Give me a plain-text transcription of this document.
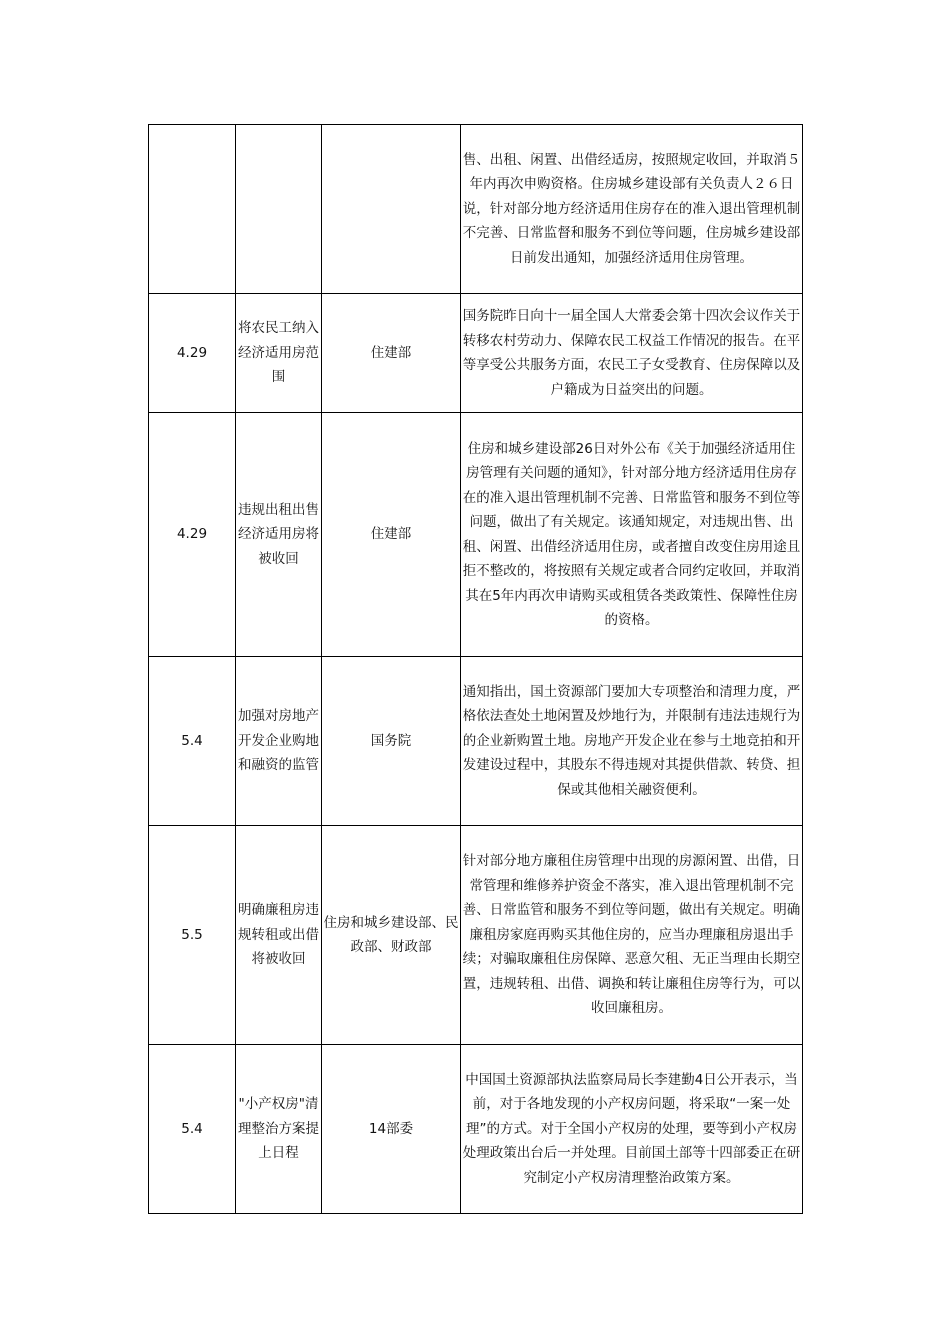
			售、出租、闲置、出借经适房，按照规定收回，并取消５年内再次申购资格。住房城乡建设部有关负责人２６日说，针对部分地方经济适用住房存在的准入退出管理机制不完善、日常监督和服务不到位等问题，住房城乡建设部日前发出通知，加强经济适用住房管理。
4.29	将农民工纳入经济适用房范围	住建部	国务院昨日向十一届全国人大常委会第十四次会议作关于转移农村劳动力、保障农民工权益工作情况的报告。在平等享受公共服务方面，农民工子女受教育、住房保障以及户籍成为日益突出的问题。
4.29	违规出租出售经济适用房将被收回	住建部	住房和城乡建设部26日对外公布《关于加强经济适用住房管理有关问题的通知》，针对部分地方经济适用住房存在的准入退出管理机制不完善、日常监管和服务不到位等问题，做出了有关规定。该通知规定，对违规出售、出租、闲置、出借经济适用住房，或者擅自改变住房用途且拒不整改的，将按照有关规定或者合同约定收回，并取消其在5年内再次申请购买或租赁各类政策性、保障性住房的资格。
5.4	加强对房地产开发企业购地和融资的监管	国务院	通知指出，国土资源部门要加大专项整治和清理力度，严格依法查处土地闲置及炒地行为，并限制有违法违规行为的企业新购置土地。房地产开发企业在参与土地竞拍和开发建设过程中，其股东不得违规对其提供借款、转贷、担保或其他相关融资便利。
5.5	明确廉租房违规转租或出借将被收回	住房和城乡建设部、民政部、财政部	针对部分地方廉租住房管理中出现的房源闲置、出借，日常管理和维修养护资金不落实，准入退出管理机制不完善、日常监管和服务不到位等问题，做出有关规定。明确廉租房家庭再购买其他住房的，应当办理廉租房退出手续；对骗取廉租住房保障、恶意欠租、无正当理由长期空置，违规转租、出借、调换和转让廉租住房等行为，可以收回廉租房。
5.4	"小产权房"清理整治方案提上日程	14部委	中国国土资源部执法监察局局长李建勤4日公开表示，当前，对于各地发现的小产权房问题，将采取“一案一处理”的方式。对于全国小产权房的处理，要等到小产权房处理政策出台后一并处理。目前国土部等十四部委正在研究制定小产权房清理整治政策方案。
